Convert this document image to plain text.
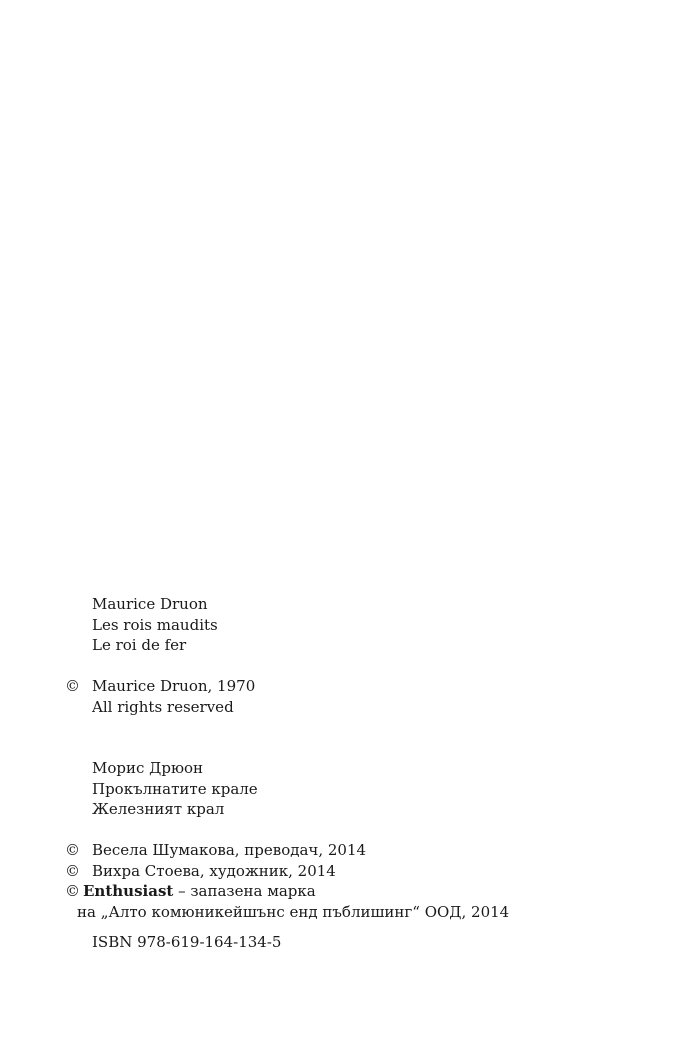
Maurice Druon
Les rois maudits
Le roi de fer
© Maurice Druon, 1970
All rights reserved
Морис Дрюон
Прокълнатите крале
Железният крал
© Весела Шумакова, преводач, 2014
© Вихра Стоева, художник, 2014
© Enthusiast – запазена марка
на „Алто комюникейшънс енд пъблишинг“ ООД, 2014
ISBN 978-619-164-134-5
